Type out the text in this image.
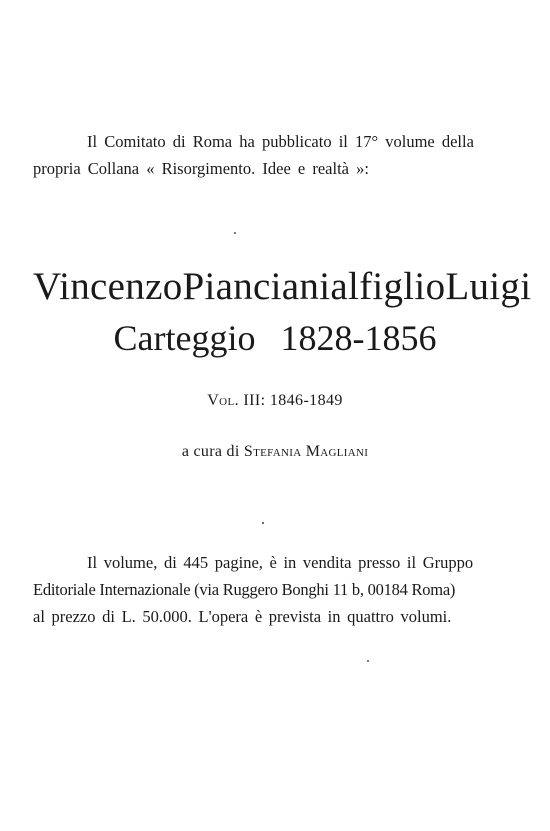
Il Comitato di Roma ha pubblicato il 17° volume della
propria Collana « Risorgimento. Idee e realtà »:
Vincenzo Pianciani al figlio Luigi
Carteggio 1828-1856
Vol. III: 1846-1849
a cura di Stefania Magliani
Il volume, di 445 pagine, è in vendita presso il Gruppo
Editoriale Internazionale (via Ruggero Bonghi 11 b, 00184 Roma)
al prezzo di L. 50.000. L'opera è prevista in quattro volumi.
